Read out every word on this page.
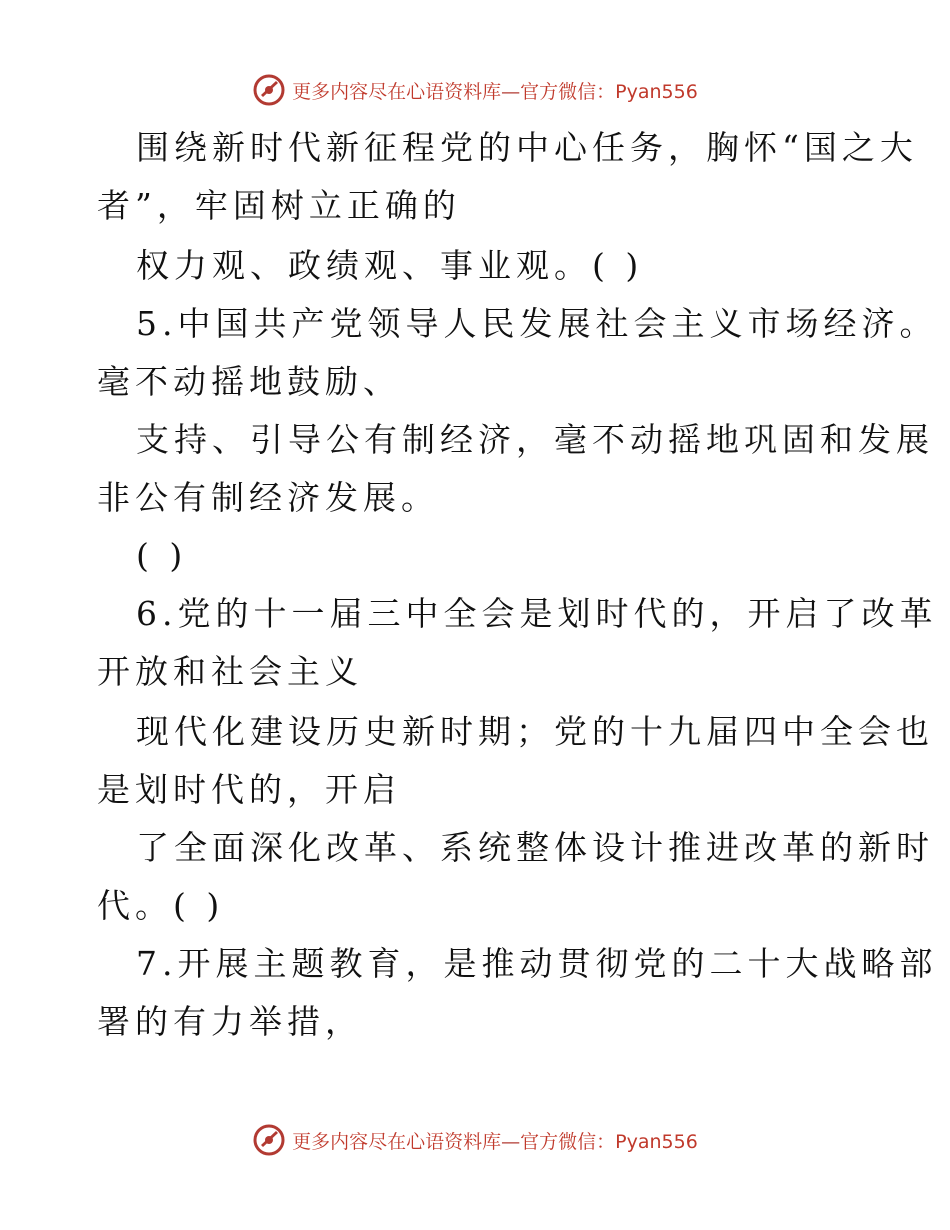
更多内容尽在心语资料库—官方微信：Pyan556
围绕新时代新征程党的中心任务，胸怀“国之大
者”，牢固树立正确的
权力观、政绩观、事业观。( )
5.中国共产党领导人民发展社会主义市场经济。
毫不动摇地鼓励、
支持、引导公有制经济，毫不动摇地巩固和发展
非公有制经济发展。
( )
6.党的十一届三中全会是划时代的，开启了改革
开放和社会主义
现代化建设历史新时期；党的十九届四中全会也
是划时代的，开启
了全面深化改革、系统整体设计推进改革的新时
代。( )
7.开展主题教育，是推动贯彻党的二十大战略部
署的有力举措，
更多内容尽在心语资料库—官方微信：Pyan556
